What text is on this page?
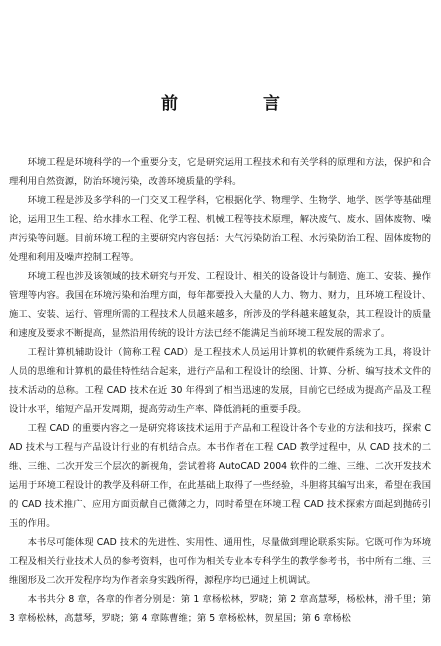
前　言

环境工程是环境科学的一个重要分支，它是研究运用工程技术和有关学科的原理和方法，保护和合理利用自然资源，防治环境污染，改善环境质量的学科。

环境工程是涉及多学科的一门交叉工程学科，它根据化学、物理学、生物学、地学、医学等基础理论，运用卫生工程、给水排水工程、化学工程、机械工程等技术原理，解决废气、废水、固体废物、噪声污染等问题。目前环境工程的主要研究内容包括：大气污染防治工程、水污染防治工程、固体废物的处理和利用及噪声控制工程等。

环境工程也涉及该领域的技术研究与开发、工程设计、相关的设备设计与制造、施工、安装、操作管理等内容。我国在环境污染和治理方面，每年都要投入大量的人力、物力、财力，且环境工程设计、施工、安装、运行、管理所需的工程技术人员越来越多，所涉及的学科越来越复杂，其工程设计的质量和速度及要求不断提高，显然沿用传统的设计方法已经不能满足当前环境工程发展的需求了。

工程计算机辅助设计（简称工程 CAD）是工程技术人员运用计算机的软硬件系统为工具，将设计人员的思维和计算机的最佳特性结合起来，进行产品和工程设计的绘图、计算、分析、编写技术文件的技术活动的总称。工程 CAD 技术在近 30 年得到了相当迅速的发展，目前它已经成为提高产品及工程设计水平，缩短产品开发周期，提高劳动生产率、降低消耗的重要手段。

工程 CAD 的重要内容之一是研究将该技术运用于产品和工程设计各个专业的方法和技巧，探索 CAD 技术与工程与产品设计行业的有机结合点。本书作者在工程 CAD 教学过程中，从 CAD 技术的二维、三维、二次开发三个层次的新视角，尝试着将 AutoCAD 2004 软件的二维、三维、二次开发技术运用于环境工程设计的教学及科研工作，在此基础上取得了一些经验，斗胆将其编写出来，希望在我国的 CAD 技术推广、应用方面贡献自己微薄之力，同时希望在环境工程 CAD 技术探索方面起到抛砖引玉的作用。

本书尽可能体现 CAD 技术的先进性、实用性、通用性，尽量做到理论联系实际。它既可作为环境工程及相关行业技术人员的参考资料，也可作为相关专业本专科学生的教学参考书，书中所有二维、三维图形及二次开发程序均为作者亲身实践所得，源程序均已通过上机调试。

本书共分 8 章，各章的作者分别是：第 1 章杨松林，罗晓；第 2 章高慧琴，杨松林，滑千里；第 3 章杨松林，高慧琴，罗晓；第 4 章陈曹维；第 5 章杨松林，贺星国；第 6 章杨松
